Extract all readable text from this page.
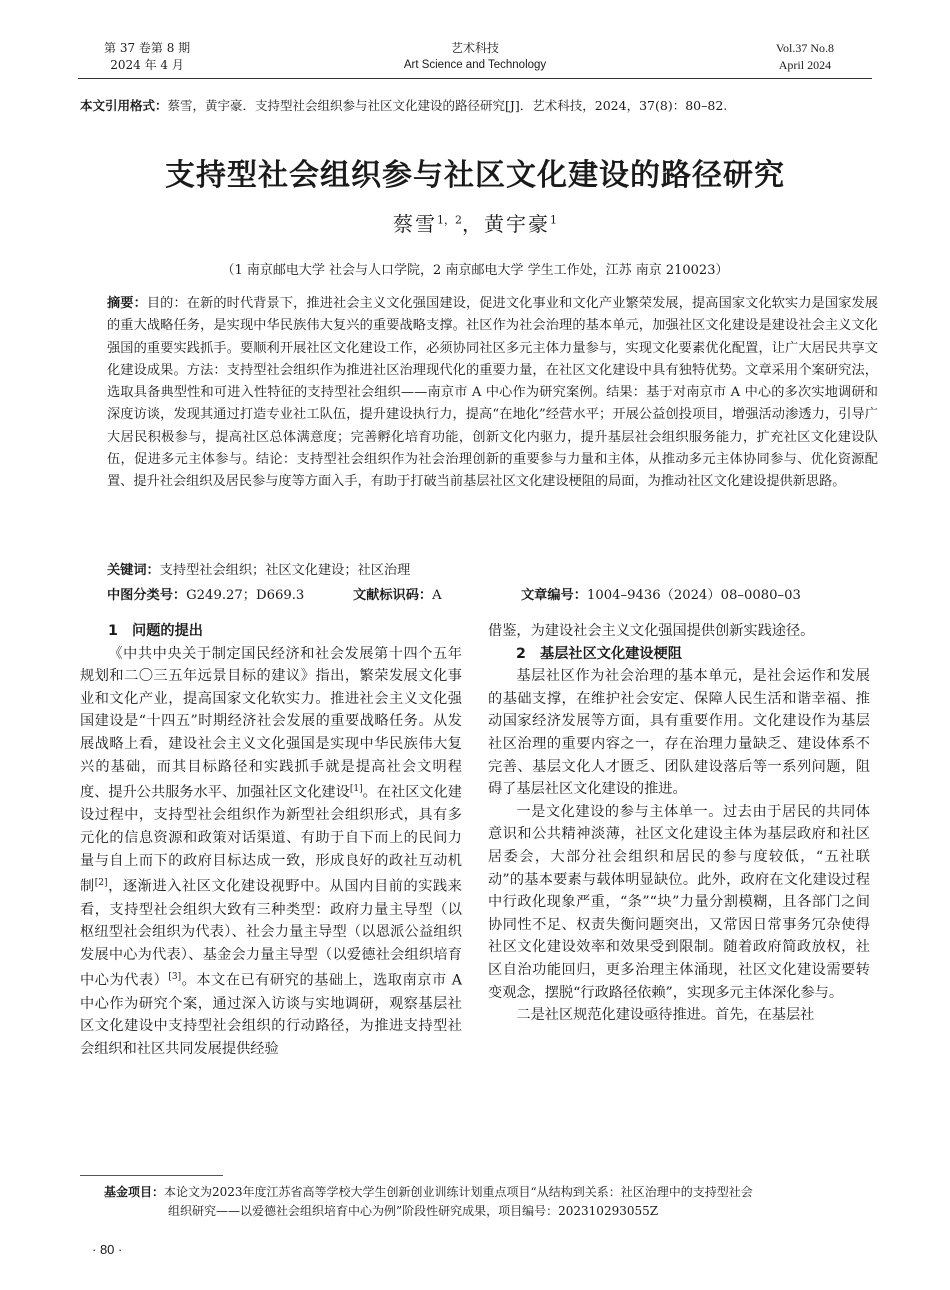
第 37 卷第 8 期
2024 年 4 月
艺术科技
Art Science and Technology
Vol.37 No.8
April 2024
本文引用格式：蔡雪，黄宇豪．支持型社会组织参与社区文化建设的路径研究[J]．艺术科技，2024，37(8)：80–82.
支持型社会组织参与社区文化建设的路径研究
蔡雪$^{1,2}$，黄宇豪$^1$
（1 南京邮电大学 社会与人口学院，2 南京邮电大学 学生工作处，江苏 南京 210023）
摘要：目的：在新的时代背景下，推进社会主义文化强国建设，促进文化事业和文化产业繁荣发展，提高国家文化软实力是国家发展的重大战略任务，是实现中华民族伟大复兴的重要战略支撑。社区作为社会治理的基本单元，加强社区文化建设是建设社会主义文化强国的重要实践抓手。要顺利开展社区文化建设工作，必须协同社区多元主体力量参与，实现文化要素优化配置，让广大居民共享文化建设成果。方法：支持型社会组织作为推进社区治理现代化的重要力量，在社区文化建设中具有独特优势。文章采用个案研究法，选取具备典型性和可进入性特征的支持型社会组织——南京市 A 中心作为研究案例。结果：基于对南京市 A 中心的多次实地调研和深度访谈，发现其通过打造专业社工队伍，提升建设执行力，提高“在地化”经营水平；开展公益创投项目，增强活动渗透力，引导广大居民积极参与，提高社区总体满意度；完善孵化培育功能，创新文化内驱力，提升基层社会组织服务能力，扩充社区文化建设队伍，促进多元主体参与。结论：支持型社会组织作为社会治理创新的重要参与力量和主体，从推动多元主体协同参与、优化资源配置、提升社会组织及居民参与度等方面入手，有助于打破当前基层社区文化建设梗阻的局面，为推动社区文化建设提供新思路。
关键词：支持型社会组织；社区文化建设；社区治理
中图分类号：G249.27；D669.3	文献标识码：A	文章编号：1004–9436（2024）08–0080–03
1　问题的提出

《中共中央关于制定国民经济和社会发展第十四个五年规划和二〇三五年远景目标的建议》指出，繁荣发展文化事业和文化产业，提高国家文化软实力。推进社会主义文化强国建设是“十四五”时期经济社会发展的重要战略任务。从发展战略上看，建设社会主义文化强国是实现中华民族伟大复兴的基础，而其目标路径和实践抓手就是提高社会文明程度、提升公共服务水平、加强社区文化建设[1]。在社区文化建设过程中，支持型社会组织作为新型社会组织形式，具有多元化的信息资源和政策对话渠道、有助于自下而上的民间力量与自上而下的政府目标达成一致，形成良好的政社互动机制[2]，逐渐进入社区文化建设视野中。从国内目前的实践来看，支持型社会组织大致有三种类型：政府力量主导型（以枢纽型社会组织为代表）、社会力量主导型（以恩派公益组织发展中心为代表）、基金会力量主导型（以爱德社会组织培育中心为代表）[3]。本文在已有研究的基础上，选取南京市 A 中心作为研究个案，通过深入访谈与实地调研，观察基层社区文化建设中支持型社会组织的行动路径，为推进支持型社会组织和社区共同发展提供经验

借鉴，为建设社会主义文化强国提供创新实践途径。

2　基层社区文化建设梗阻

基层社区作为社会治理的基本单元，是社会运作和发展的基础支撑，在维护社会安定、保障人民生活和谐幸福、推动国家经济发展等方面，具有重要作用。文化建设作为基层社区治理的重要内容之一，存在治理力量缺乏、建设体系不完善、基层文化人才匮乏、团队建设落后等一系列问题，阻碍了基层社区文化建设的推进。

一是文化建设的参与主体单一。过去由于居民的共同体意识和公共精神淡薄，社区文化建设主体为基层政府和社区居委会，大部分社会组织和居民的参与度较低，“五社联动”的基本要素与载体明显缺位。此外，政府在文化建设过程中行政化现象严重，“条”“块”力量分割模糊，且各部门之间协同性不足、权责失衡问题突出，又常因日常事务冗杂使得社区文化建设效率和效果受到限制。随着政府简政放权，社区自治功能回归，更多治理主体涌现，社区文化建设需要转变观念，摆脱“行政路径依赖”，实现多元主体深化参与。

二是社区规范化建设亟待推进。首先，在基层社

基金项目：本论文为2023年度江苏省高等学校大学生创新创业训练计划重点项目“从结构到关系：社区治理中的支持型社会
组织研究——以爱德社会组织培育中心为例”阶段性研究成果，项目编号：202310293055Z
· 80 ·
